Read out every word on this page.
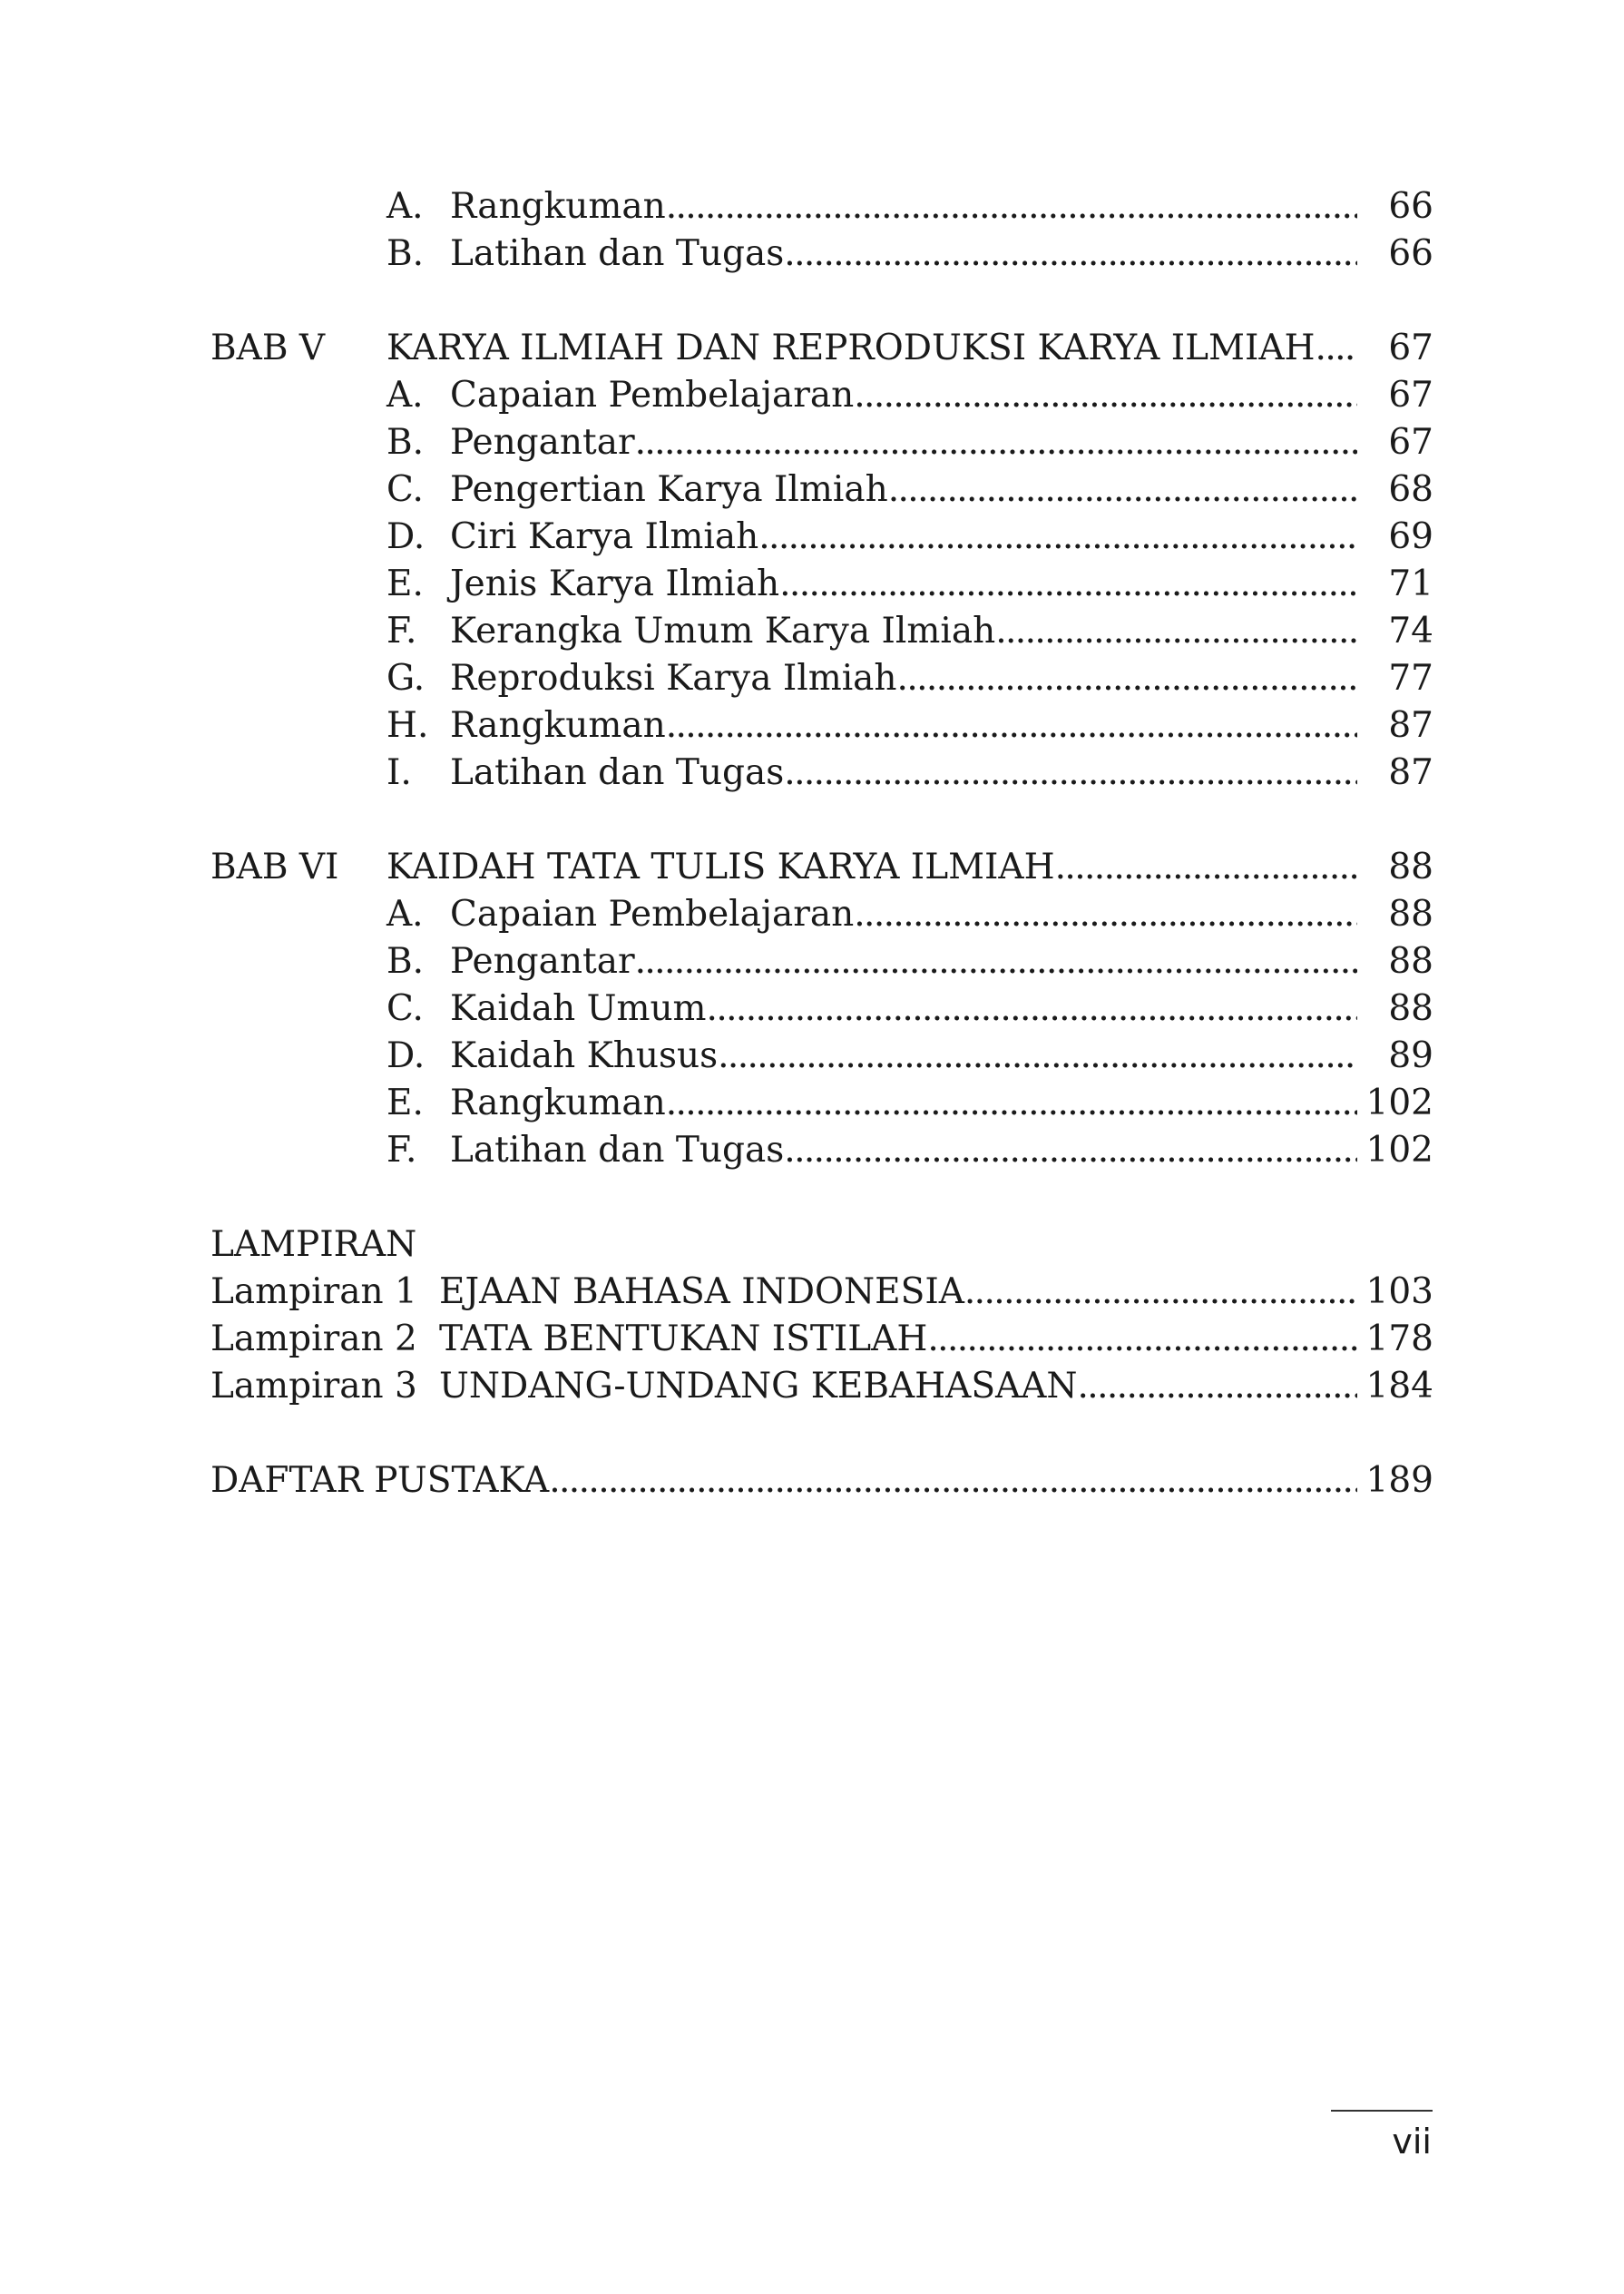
A. Rangkuman . . .	66
B. Latihan dan Tugas . . .	66
BAB V KARYA ILMIAH DAN REPRODUKSI KARYA ILMIAH . . .	67
A. Capaian Pembelajaran . . .	67
B. Pengantar . . .	67
C. Pengertian Karya Ilmiah . . .	68
D. Ciri Karya Ilmiah . . .	69
E. Jenis Karya Ilmiah . . .	71
F. Kerangka Umum Karya Ilmiah . . .	74
G. Reproduksi Karya Ilmiah . . .	77
H. Rangkuman . . .	87
I. Latihan dan Tugas . . .	87
BAB VI KAIDAH TATA TULIS KARYA ILMIAH . . .	88
A. Capaian Pembelajaran . . .	88
B. Pengantar . . .	88
C. Kaidah Umum . . .	88
D. Kaidah Khusus . . .	89
E. Rangkuman . . .	102
F. Latihan dan Tugas . . .	102
LAMPIRAN
Lampiran 1 EJAAN BAHASA INDONESIA . . .	103
Lampiran 2 TATA BENTUKAN ISTILAH . . .	178
Lampiran 3 UNDANG-UNDANG KEBAHASAAN . . .	184
DAFTAR PUSTAKA . . .	189
vii
